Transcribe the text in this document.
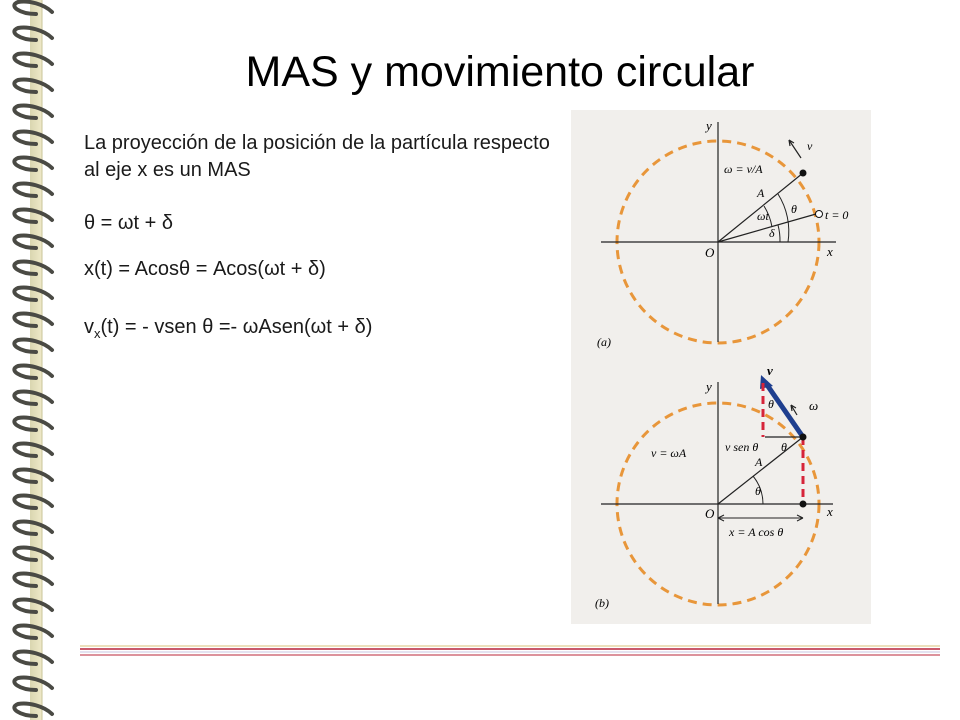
MAS y movimiento circular

La proyección de la posición de la partícula respecto al eje x es un MAS

θ = ωt + δ

x(t) = Acosθ = Acos(ωt + δ)

$v_x(t)$ = - vsen θ =- ωAsen(ωt + δ)

y
x
O
ω = v/A
v
A
θ
ωt
δ
t = 0
(a)
y
x
O
v
θ	ω
v sen θ θ
v = ωA
A
θ
x = A cos θ
(b)
